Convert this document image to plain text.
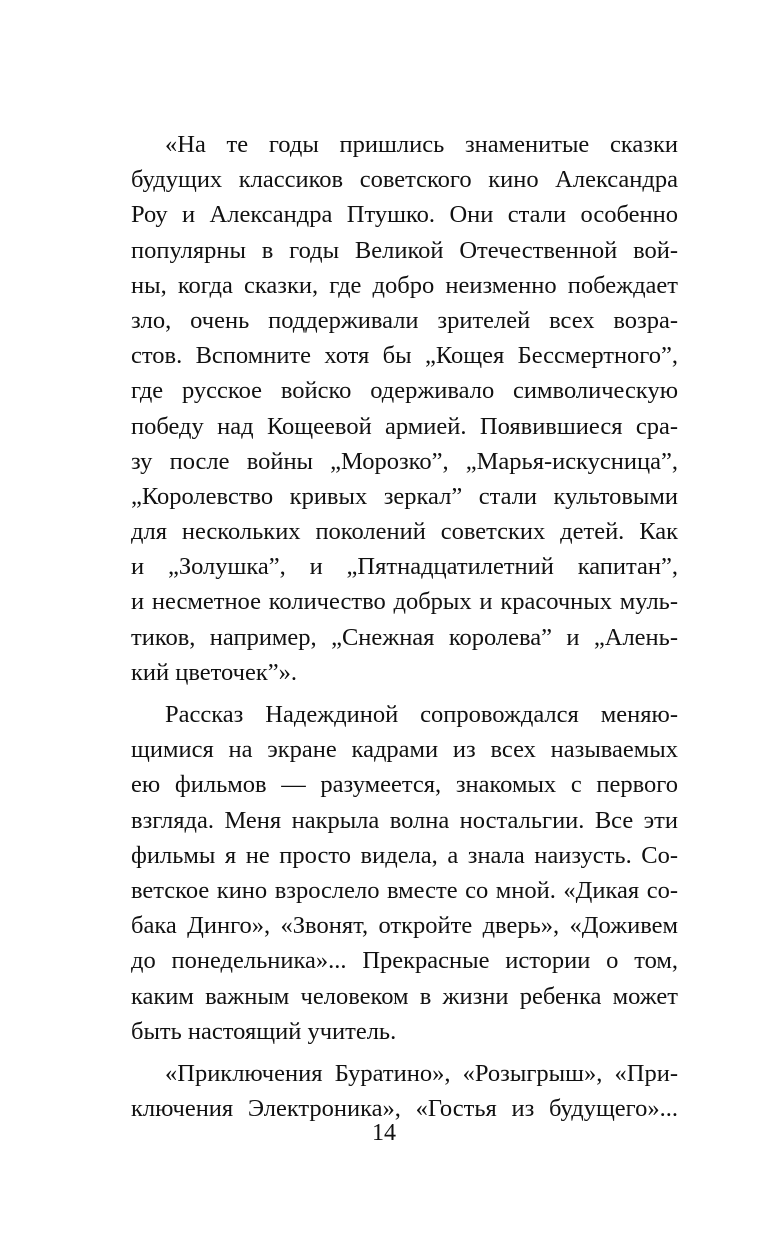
«На те годы пришлись знаменитые сказки
будущих классиков советского кино Александра
Роу и Александра Птушко. Они стали особенно
популярны в годы Великой Отечественной вой-
ны, когда сказки, где добро неизменно побеждает
зло, очень поддерживали зрителей всех возра-
стов. Вспомните хотя бы „Кощея Бессмертного”,
где русское войско одерживало символическую
победу над Кощеевой армией. Появившиеся сра-
зу после войны „Морозко”, „Марья-искусница”,
„Королевство кривых зеркал” стали культовыми
для нескольких поколений советских детей. Как
и „Золушка”, и „Пятнадцатилетний капитан”,
и несметное количество добрых и красочных муль-
тиков, например, „Снежная королева” и „Алень-
кий цветочек”».

Рассказ Надеждиной сопровождался меняю-
щимися на экране кадрами из всех называемых
ею фильмов — разумеется, знакомых с первого
взгляда. Меня накрыла волна ностальгии. Все эти
фильмы я не просто видела, а знала наизусть. Со-
ветское кино взрослело вместе со мной. «Дикая со-
бака Динго», «Звонят, откройте дверь», «Доживем
до понедельника»... Прекрасные истории о том,
каким важным человеком в жизни ребенка может
быть настоящий учитель.

«Приключения Буратино», «Розыгрыш», «При-
ключения Электроника», «Гостья из будущего»...

14
